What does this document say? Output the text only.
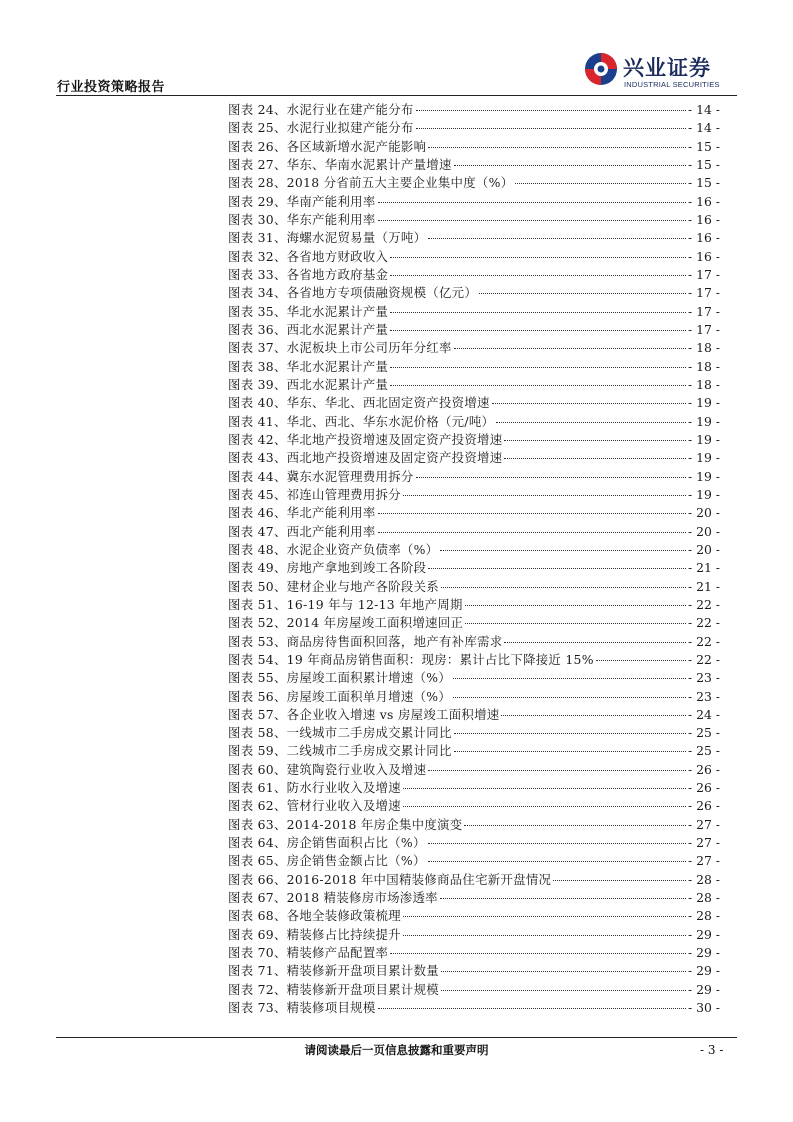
行业投资策略报告
兴业证券
INDUSTRIAL SECURITIES
图表 24、水泥行业在建产能分布	- 14 -
图表 25、水泥行业拟建产能分布	- 14 -
图表 26、各区域新增水泥产能影响	- 15 -
图表 27、华东、华南水泥累计产量增速	- 15 -
图表 28、2018 分省前五大主要企业集中度（%）	- 15 -
图表 29、华南产能利用率	- 16 -
图表 30、华东产能利用率	- 16 -
图表 31、海螺水泥贸易量（万吨）	- 16 -
图表 32、各省地方财政收入	- 16 -
图表 33、各省地方政府基金	- 17 -
图表 34、各省地方专项债融资规模（亿元）	- 17 -
图表 35、华北水泥累计产量	- 17 -
图表 36、西北水泥累计产量	- 17 -
图表 37、水泥板块上市公司历年分红率	- 18 -
图表 38、华北水泥累计产量	- 18 -
图表 39、西北水泥累计产量	- 18 -
图表 40、华东、华北、西北固定资产投资增速	- 19 -
图表 41、华北、西北、华东水泥价格（元/吨）	- 19 -
图表 42、华北地产投资增速及固定资产投资增速	- 19 -
图表 43、西北地产投资增速及固定资产投资增速	- 19 -
图表 44、冀东水泥管理费用拆分	- 19 -
图表 45、祁连山管理费用拆分	- 19 -
图表 46、华北产能利用率	- 20 -
图表 47、西北产能利用率	- 20 -
图表 48、水泥企业资产负债率（%）	- 20 -
图表 49、房地产拿地到竣工各阶段	- 21 -
图表 50、建材企业与地产各阶段关系	- 21 -
图表 51、16-19 年与 12-13 年地产周期	- 22 -
图表 52、2014 年房屋竣工面积增速回正	- 22 -
图表 53、商品房待售面积回落，地产有补库需求	- 22 -
图表 54、19 年商品房销售面积：现房：累计占比下降接近 15%	- 22 -
图表 55、房屋竣工面积累计增速（%）	- 23 -
图表 56、房屋竣工面积单月增速（%）	- 23 -
图表 57、各企业收入增速 vs 房屋竣工面积增速	- 24 -
图表 58、一线城市二手房成交累计同比	- 25 -
图表 59、二线城市二手房成交累计同比	- 25 -
图表 60、建筑陶瓷行业收入及增速	- 26 -
图表 61、防水行业收入及增速	- 26 -
图表 62、管材行业收入及增速	- 26 -
图表 63、2014-2018 年房企集中度演变	- 27 -
图表 64、房企销售面积占比（%）	- 27 -
图表 65、房企销售金额占比（%）	- 27 -
图表 66、2016-2018 年中国精装修商品住宅新开盘情况	- 28 -
图表 67、2018 精装修房市场渗透率	- 28 -
图表 68、各地全装修政策梳理	- 28 -
图表 69、精装修占比持续提升	- 29 -
图表 70、精装修产品配置率	- 29 -
图表 71、精装修新开盘项目累计数量	- 29 -
图表 72、精装修新开盘项目累计规模	- 29 -
图表 73、精装修项目规模	- 30 -
请阅读最后一页信息披露和重要声明	- 3 -
